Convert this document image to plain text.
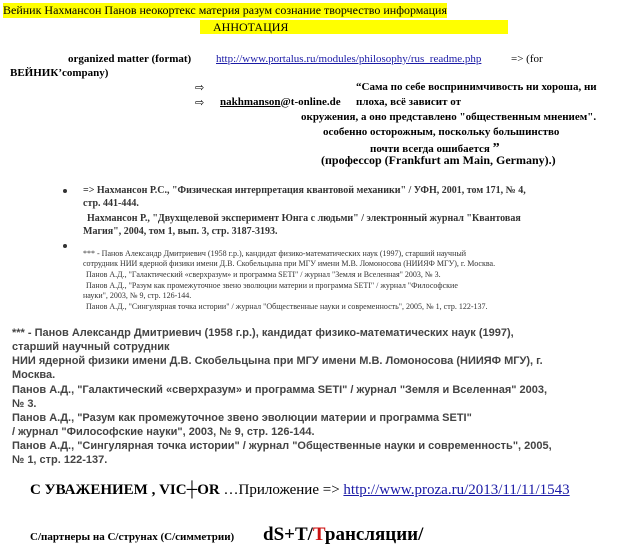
Вейник Нахмансон Панов неокортекс материя разум сознание творчество информация
АННОТАЦИЯ
organized matter (format) http://www.portalus.ru/modules/philosophy/rus_readme.php	=> (for
ВЕЙНИК’company)
⇨
⇨ nakhmanson@t-online.de
“Сама по себе воспринимчивость ни хороша, ни
плоха, всё зависит от
окружения, а оно представлено "общественным мнением".
особенно осторожным, поскольку большинство
почти всегда ошибается ”
(профессор (Frankfurt am Main, Germany).)
=> Нахмансон Р.С., "Физическая интерпретация квантовой механики" / УФН, 2001, том 171, № 4,
стр. 441-444.
Нахмансон Р., "Двухщелевой эксперимент Юнга с людьми" / электронный журнал "Квантовая
Магия", 2004, том 1, вып. 3, стр. 3187-3193.
*** - Панов Александр Дмитриевич (1958 г.р.), кандидат физико-математических наук (1997), старший научный
сотрудник НИИ ядерной физики имени Д.В. Скобельцына при МГУ имени М.В. Ломоносова (НИИЯФ МГУ), г. Москва.
Панов А.Д., "Галактический «сверхразум» и программа SETI" / журнал "Земля и Вселенная" 2003, № 3.
Панов А.Д., "Разум как промежуточное звено эволюции материи и программа SETI" / журнал "Философские
науки", 2003, № 9, стр. 126-144.
Панов А.Д., "Сингулярная точка истории" / журнал "Общественные науки и современность", 2005, № 1, стр. 122-137.
*** - Панов Александр Дмитриевич (1958 г.р.), кандидат физико-математических наук (1997),
старший научный сотрудник
НИИ ядерной физики имени Д.В. Скобельцына при МГУ имени М.В. Ломоносова (НИИЯФ МГУ), г.
Москва.
Панов А.Д., "Галактический «сверхразум» и программа SETI" / журнал "Земля и Вселенная" 2003,
№ 3.
Панов А.Д., "Разум как промежуточное звено эволюции материи и программа SETI"
/ журнал "Философские науки", 2003, № 9, стр. 126-144.
Панов А.Д., "Сингулярная точка истории" / журнал "Общественные науки и современность", 2005,
№ 1, стр. 122-137.
С УВАЖЕНИЕМ , VIC┼OR …Приложение => http://www.proza.ru/2013/11/11/1543
С/партнеры на С/струнах (С/симметрии) dS+T/Трансляции/
